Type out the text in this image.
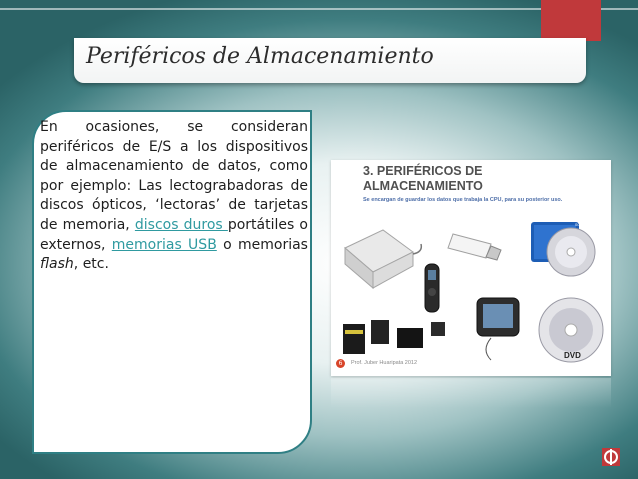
Periféricos de Almacenamiento
En ocasiones, se consideran periféricos de E/S a los dispositivos de almacenamiento de datos, como por ejemplo: Las lectograbadoras de discos ópticos, ‘lectoras’ de tarjetas de memoria, discos duros portátiles o externos, memorias USB o memorias flash, etc.
3. PERIFÉRICOS DE ALMACENAMIENTO
Se encargan de guardar los datos que trabaja la CPU, para su posterior uso.
SONY
DVD
6	Prof. Juber Huaripata 2012
